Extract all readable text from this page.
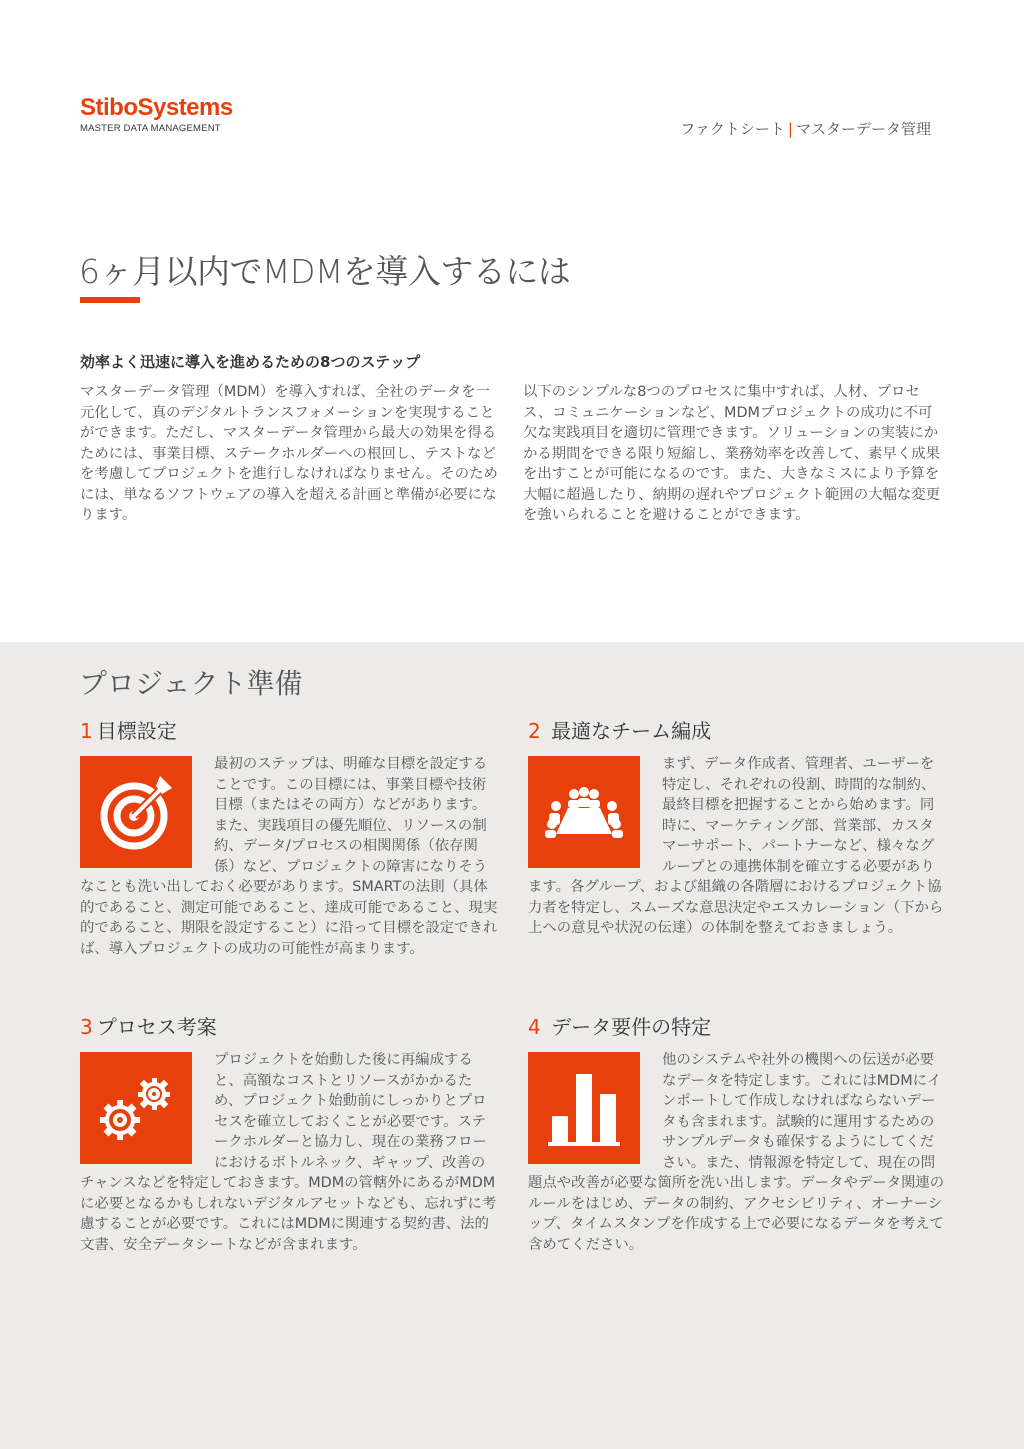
StiboSystems
MASTER DATA MANAGEMENT	ファクトシート | マスターデータ管理
6ヶ月以内でMDMを導入するには
効率よく迅速に導入を進めるための8つのステップ
マスターデータ管理（MDM）を導入すれば、全社のデータを一元化して、真のデジタルトランスフォメーションを実現することができます。ただし、マスターデータ管理から最大の効果を得るためには、事業目標、ステークホルダーへの根回し、テストなどを考慮してプロジェクトを進行しなければなりません。そのためには、単なるソフトウェアの導入を超える計画と準備が必要になります。
以下のシンプルな8つのプロセスに集中すれば、人材、プロセス、コミュニケーションなど、MDMプロジェクトの成功に不可欠な実践項目を適切に管理できます。ソリューションの実装にかかる期間をできる限り短縮し、業務効率を改善して、素早く成果を出すことが可能になるのです。また、大きなミスにより予算を大幅に超過したり、納期の遅れやプロジェクト範囲の大幅な変更を強いられることを避けることができます。
プロジェクト準備
1 目標設定
最初のステップは、明確な目標を設定することです。この目標には、事業目標や技術目標（またはその両方）などがあります。また、実践項目の優先順位、リソースの制約、データ/プロセスの相関関係（依存関係）など、プロジェクトの障害になりそうなことも洗い出しておく必要があります。SMARTの法則（具体的であること、測定可能であること、達成可能であること、現実的であること、期限を設定すること）に沿って目標を設定できれば、導入プロジェクトの成功の可能性が高まります。
2 最適なチーム編成
まず、データ作成者、管理者、ユーザーを特定し、それぞれの役割、時間的な制約、最終目標を把握することから始めます。同時に、マーケティング部、営業部、カスタマーサポート、パートナーなど、様々なグループとの連携体制を確立する必要があります。各グループ、および組織の各階層におけるプロジェクト協力者を特定し、スムーズな意思決定やエスカレーション（下から上への意見や状況の伝達）の体制を整えておきましょう。
3 プロセス考案
プロジェクトを始動した後に再編成すると、高額なコストとリソースがかかるため、プロジェクト始動前にしっかりとプロセスを確立しておくことが必要です。ステークホルダーと協力し、現在の業務フローにおけるボトルネック、ギャップ、改善のチャンスなどを特定しておきます。MDMの管轄外にあるがMDMに必要となるかもしれないデジタルアセットなども、忘れずに考慮することが必要です。これにはMDMに関連する契約書、法的文書、安全データシートなどが含まれます。
4 データ要件の特定
他のシステムや社外の機関への伝送が必要なデータを特定します。これにはMDMにインポートして作成しなければならないデータも含まれます。試験的に運用するためのサンプルデータも確保するようにしてください。また、情報源を特定して、現在の問題点や改善が必要な箇所を洗い出します。データやデータ関連のルールをはじめ、データの制約、アクセシビリティ、オーナーシップ、タイムスタンプを作成する上で必要になるデータを考えて含めてください。
